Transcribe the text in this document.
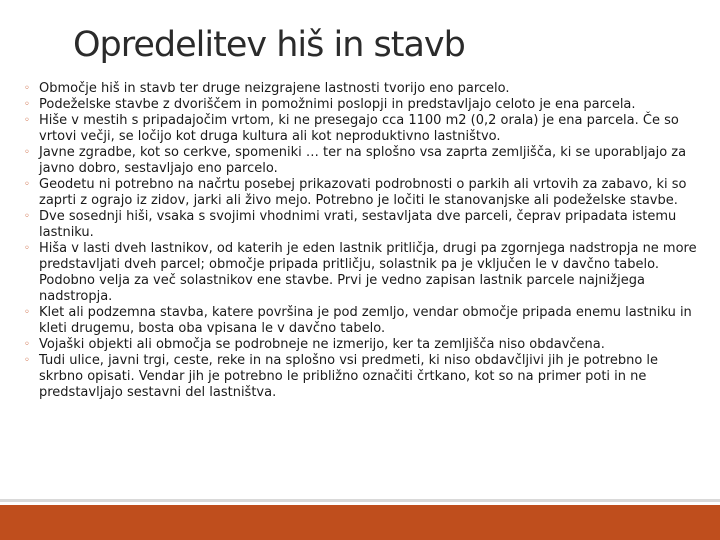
Opredelitev hiš in stavb
◦ Območje hiš in stavb ter druge neizgrajene lastnosti tvorijo eno parcelo.
◦ Podeželske stavbe z dvoriščem in pomožnimi poslopji in predstavljajo celoto je ena parcela.
◦ Hiše v mestih s pripadajočim vrtom, ki ne presegajo cca 1100 m2 (0,2 orala) je ena parcela. Če so vrtovi večji, se ločijo kot druga kultura ali kot neproduktivno lastništvo.
◦ Javne zgradbe, kot so cerkve, spomeniki … ter na splošno vsa zaprta zemljišča, ki se uporabljajo za javno dobro, sestavljajo eno parcelo.
◦ Geodetu ni potrebno na načrtu posebej prikazovati podrobnosti o parkih ali vrtovih za zabavo, ki so zaprti z ograjo iz zidov, jarki ali živo mejo. Potrebno je ločiti le stanovanjske ali podeželske stavbe.
◦ Dve sosednji hiši, vsaka s svojimi vhodnimi vrati, sestavljata dve parceli, čeprav pripadata istemu lastniku.
◦ Hiša v lasti dveh lastnikov, od katerih je eden lastnik pritličja, drugi pa zgornjega nadstropja ne more predstavljati dveh parcel; območje pripada pritličju, solastnik pa je vključen le v davčno tabelo. Podobno velja za več solastnikov ene stavbe. Prvi je vedno zapisan lastnik parcele najnižjega nadstropja.
◦ Klet ali podzemna stavba, katere površina je pod zemljo, vendar območje pripada enemu lastniku in kleti drugemu, bosta oba vpisana le v davčno tabelo.
◦ Vojaški objekti ali območja se podrobneje ne izmerijo, ker ta zemljišča niso obdavčena.
◦ Tudi ulice, javni trgi, ceste, reke in na splošno vsi predmeti, ki niso obdavčljivi jih je potrebno le skrbno opisati. Vendar jih je potrebno le približno označiti črtkano, kot so na primer poti in ne predstavljajo sestavni del lastništva.
